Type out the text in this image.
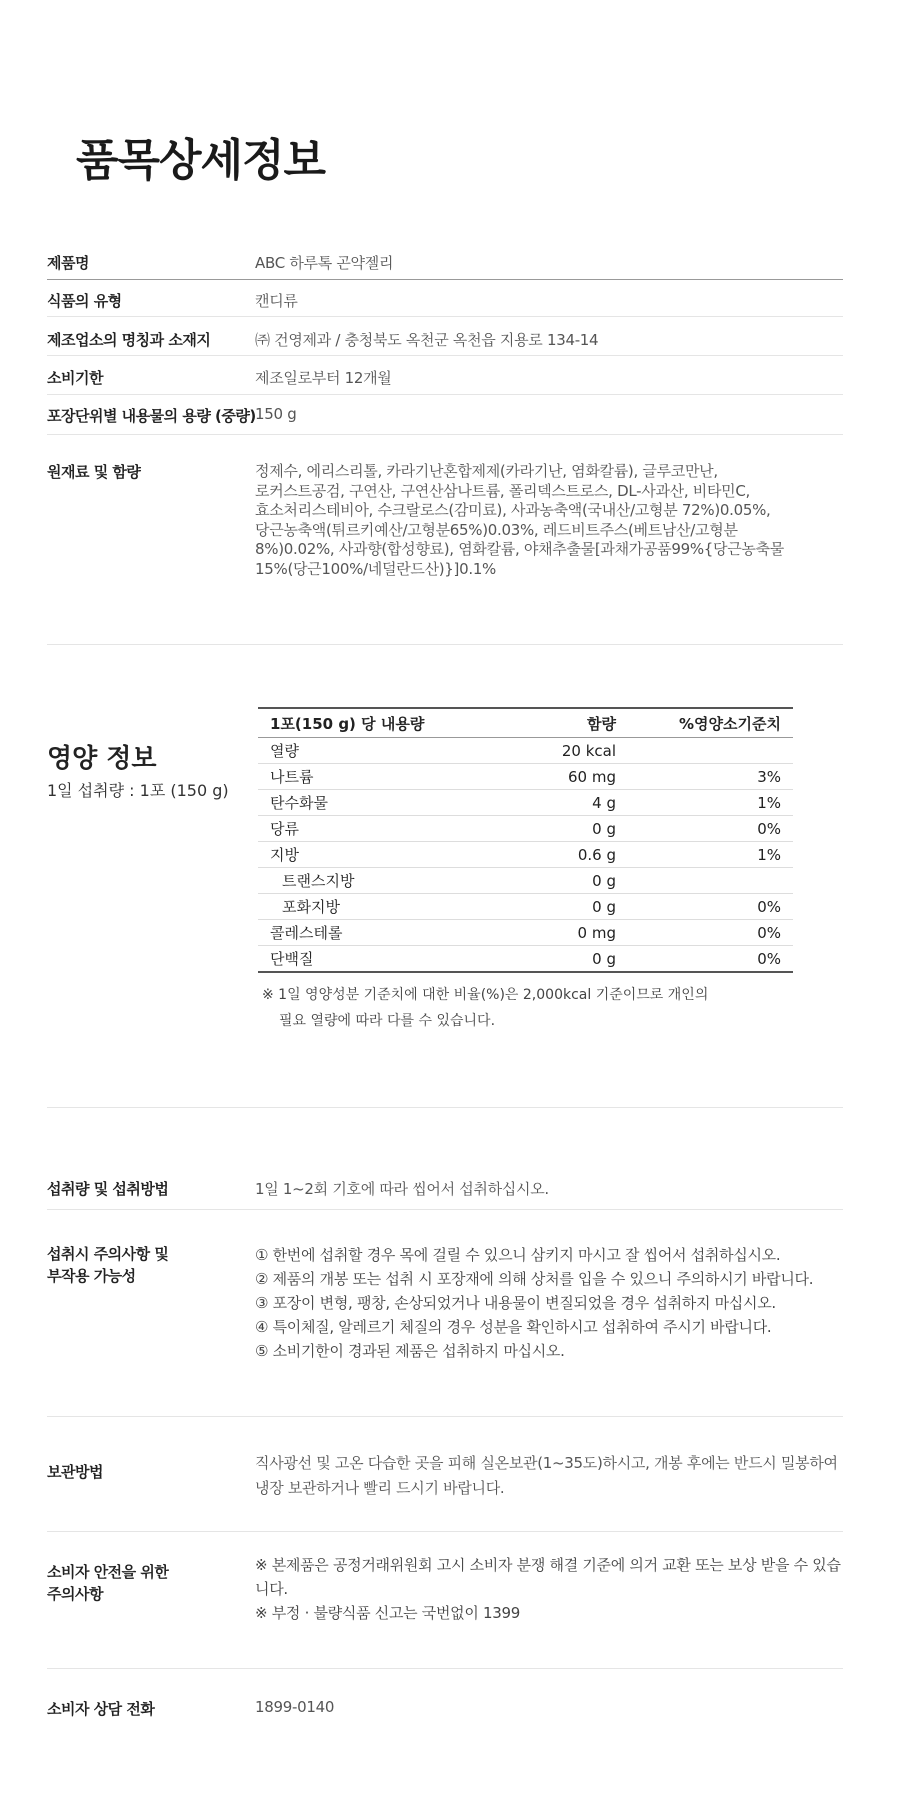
품목상세정보
제품명	ABC 하루톡 곤약젤리
식품의 유형	캔디류
제조업소의 명칭과 소재지	㈜ 건영제과 / 충청북도 옥천군 옥천읍 지용로 134-14
소비기한	제조일로부터 12개월
포장단위별 내용물의 용량 (중량) 150 g
원재료 및 함량	정제수, 에리스리톨, 카라기난혼합제제(카라기난, 염화칼륨), 글루코만난,
로커스트공검, 구연산, 구연산삼나트륨, 폴리덱스트로스, DL-사과산, 비타민C,
효소처리스테비아, 수크랄로스(감미료), 사과농축액(국내산/고형분 72%)0.05%,
당근농축액(튀르키예산/고형분65%)0.03%, 레드비트주스(베트남산/고형분
8%)0.02%, 사과향(합성향료), 염화칼륨, 야채추출물[과채가공품99%{당근농축물
15%(당근100%/네덜란드산)}]0.1%
영양 정보
1일 섭취량 : 1포 (150 g)
1포(150 g) 당 내용량	함량	%영양소기준치
열량	20 kcal	
나트륨	60 mg	3%
탄수화물	4 g	1%
당류	0 g	0%
지방	0.6 g	1%
트랜스지방	0 g	
포화지방	0 g	0%
콜레스테롤	0 mg	0%
단백질	0 g	0%
※ 1일 영양성분 기준치에 대한 비율(%)은 2,000kcal 기준이므로 개인의
필요 열량에 따라 다를 수 있습니다.
섭취량 및 섭취방법	1일 1~2회 기호에 따라 씹어서 섭취하십시오.
섭취시 주의사항 및
부작용 가능성
① 한번에 섭취할 경우 목에 걸릴 수 있으니 삼키지 마시고 잘 씹어서 섭취하십시오.
② 제품의 개봉 또는 섭취 시 포장재에 의해 상처를 입을 수 있으니 주의하시기 바랍니다.
③ 포장이 변형, 팽창, 손상되었거나 내용물이 변질되었을 경우 섭취하지 마십시오.
④ 특이체질, 알레르기 체질의 경우 성분을 확인하시고 섭취하여 주시기 바랍니다.
⑤ 소비기한이 경과된 제품은 섭취하지 마십시오.
보관방법	직사광선 및 고온 다습한 곳을 피해 실온보관(1~35도)하시고, 개봉 후에는 반드시 밀봉하여
냉장 보관하거나 빨리 드시기 바랍니다.
소비자 안전을 위한
주의사항
※ 본제품은 공정거래위원회 고시 소비자 분쟁 해결 기준에 의거 교환 또는 보상 받을 수 있습니다.
※ 부정 · 불량식품 신고는 국번없이 1399
소비자 상담 전화	1899-0140
